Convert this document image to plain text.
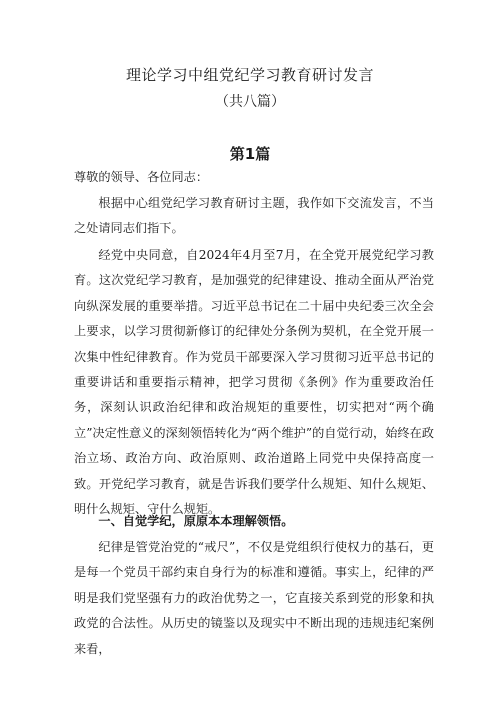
理论学习中组党纪学习教育研讨发言
（共八篇）
第1篇
尊敬的领导、各位同志：
根据中心组党纪学习教育研讨主题，我作如下交流发言，不当之处请同志们指下。
经党中央同意，自2024年4月至7月，在全党开展党纪学习教育。这次党纪学习教育，是加强党的纪律建设、推动全面从严治党向纵深发展的重要举措。习近平总书记在二十届中央纪委三次全会上要求，以学习贯彻新修订的纪律处分条例为契机，在全党开展一次集中性纪律教育。作为党员干部要深入学习贯彻习近平总书记的重要讲话和重要指示精神，把学习贯彻《条例》作为重要政治任务，深刻认识政治纪律和政治规矩的重要性，切实把对“两个确立”决定性意义的深刻领悟转化为“两个维护”的自觉行动，始终在政治立场、政治方向、政治原则、政治道路上同党中央保持高度一致。开党纪学习教育，就是告诉我们要学什么规矩、知什么规矩、明什么规矩、守什么规矩。
一、自觉学纪，原原本本理解领悟。
纪律是管党治党的“戒尺”，不仅是党组织行使权力的基石，更是每一个党员干部约束自身行为的标准和遵循。事实上，纪律的严明是我们党坚强有力的政治优势之一，它直接关系到党的形象和执政党的合法性。从历史的镜鉴以及现实中不断出现的违规违纪案例来看，
